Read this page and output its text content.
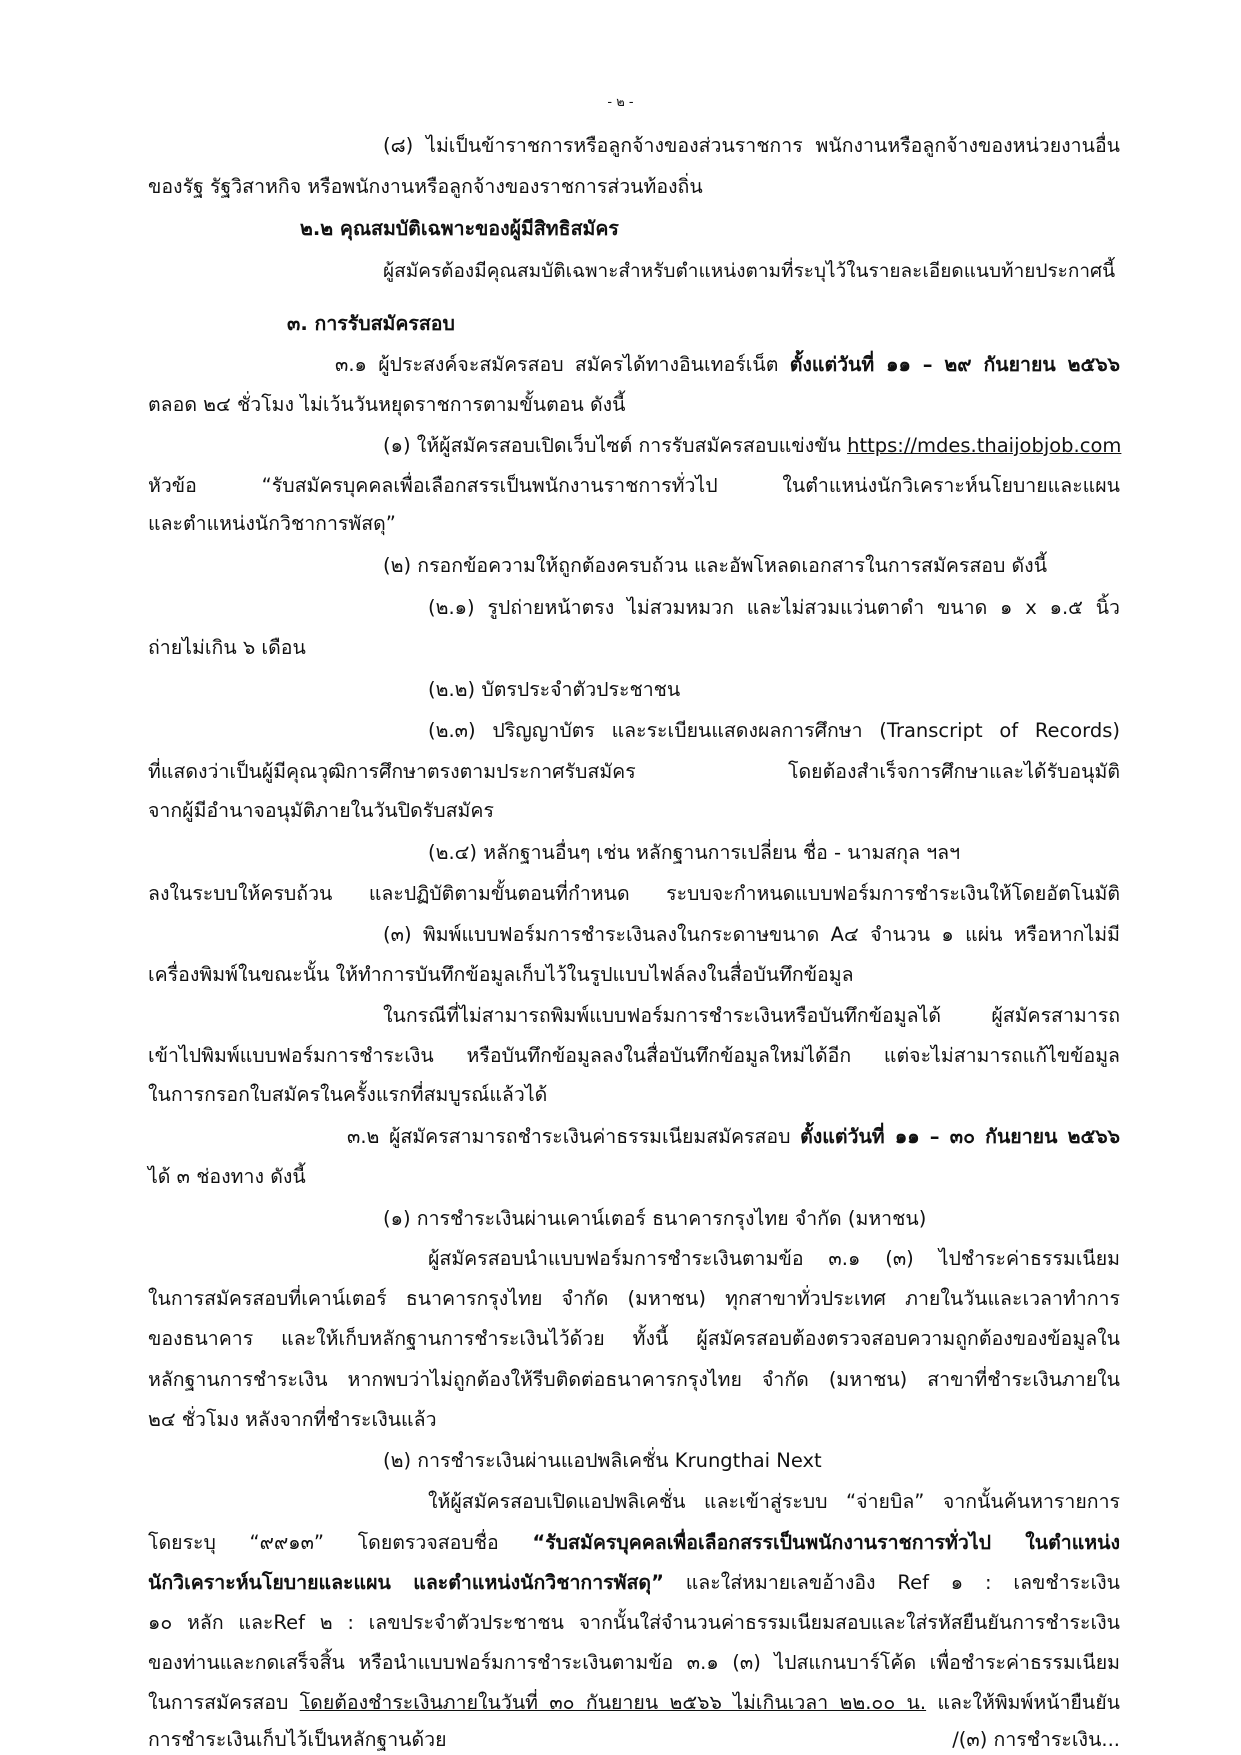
- ๒ -
(๘) ไม่เป็นข้าราชการหรือลูกจ้างของส่วนราชการ พนักงานหรือลูกจ้างของหน่วยงานอื่น
ของรัฐ รัฐวิสาหกิจ หรือพนักงานหรือลูกจ้างของราชการส่วนท้องถิ่น
๒.๒ คุณสมบัติเฉพาะของผู้มีสิทธิสมัคร
ผู้สมัครต้องมีคุณสมบัติเฉพาะสำหรับตำแหน่งตามที่ระบุไว้ในรายละเอียดแนบท้ายประกาศนี้
๓. การรับสมัครสอบ
๓.๑ ผู้ประสงค์จะสมัครสอบ สมัครได้ทางอินเทอร์เน็ต ตั้งแต่วันที่ ๑๑ – ๒๙ กันยายน ๒๕๖๖
ตลอด ๒๔ ชั่วโมง ไม่เว้นวันหยุดราชการตามขั้นตอน ดังนี้
(๑) ให้ผู้สมัครสอบเปิดเว็บไซต์ การรับสมัครสอบแข่งขัน https://mdes.thaijobjob.com
หัวข้อ “รับสมัครบุคคลเพื่อเลือกสรรเป็นพนักงานราชการทั่วไป ในตำแหน่งนักวิเคราะห์นโยบายและแผน
และตำแหน่งนักวิชาการพัสดุ”
(๒) กรอกข้อความให้ถูกต้องครบถ้วน และอัพโหลดเอกสารในการสมัครสอบ ดังนี้
(๒.๑) รูปถ่ายหน้าตรง ไม่สวมหมวก และไม่สวมแว่นตาดำ ขนาด ๑ x ๑.๕ นิ้ว
ถ่ายไม่เกิน ๖ เดือน
(๒.๒) บัตรประจำตัวประชาชน
(๒.๓) ปริญญาบัตร และระเบียนแสดงผลการศึกษา (Transcript of Records)
ที่แสดงว่าเป็นผู้มีคุณวุฒิการศึกษาตรงตามประกาศรับสมัคร โดยต้องสำเร็จการศึกษาและได้รับอนุมัติ
จากผู้มีอำนาจอนุมัติภายในวันปิดรับสมัคร
(๒.๔) หลักฐานอื่นๆ เช่น หลักฐานการเปลี่ยน ชื่อ - นามสกุล ฯลฯ
ลงในระบบให้ครบถ้วน และปฏิบัติตามขั้นตอนที่กำหนด ระบบจะกำหนดแบบฟอร์มการชำระเงินให้โดยอัตโนมัติ
(๓) พิมพ์แบบฟอร์มการชำระเงินลงในกระดาษขนาด A๔ จำนวน ๑ แผ่น หรือหากไม่มี
เครื่องพิมพ์ในขณะนั้น ให้ทำการบันทึกข้อมูลเก็บไว้ในรูปแบบไฟล์ลงในสื่อบันทึกข้อมูล
ในกรณีที่ไม่สามารถพิมพ์แบบฟอร์มการชำระเงินหรือบันทึกข้อมูลได้ ผู้สมัครสามารถ
เข้าไปพิมพ์แบบฟอร์มการชำระเงิน หรือบันทึกข้อมูลลงในสื่อบันทึกข้อมูลใหม่ได้อีก แต่จะไม่สามารถแก้ไขข้อมูล
ในการกรอกใบสมัครในครั้งแรกที่สมบูรณ์แล้วได้
๓.๒ ผู้สมัครสามารถชำระเงินค่าธรรมเนียมสมัครสอบ ตั้งแต่วันที่ ๑๑ – ๓๐ กันยายน ๒๕๖๖
ได้ ๓ ช่องทาง ดังนี้
(๑) การชำระเงินผ่านเคาน์เตอร์ ธนาคารกรุงไทย จำกัด (มหาชน)
ผู้สมัครสอบนำแบบฟอร์มการชำระเงินตามข้อ ๓.๑ (๓) ไปชำระค่าธรรมเนียม
ในการสมัครสอบที่เคาน์เตอร์ ธนาคารกรุงไทย จำกัด (มหาชน) ทุกสาขาทั่วประเทศ ภายในวันและเวลาทำการ
ของธนาคาร และให้เก็บหลักฐานการชำระเงินไว้ด้วย ทั้งนี้ ผู้สมัครสอบต้องตรวจสอบความถูกต้องของข้อมูลใน
หลักฐานการชำระเงิน หากพบว่าไม่ถูกต้องให้รีบติดต่อธนาคารกรุงไทย จำกัด (มหาชน) สาขาที่ชำระเงินภายใน
๒๔ ชั่วโมง หลังจากที่ชำระเงินแล้ว
(๒) การชำระเงินผ่านแอปพลิเคชั่น Krungthai Next
ให้ผู้สมัครสอบเปิดแอปพลิเคชั่น และเข้าสู่ระบบ “จ่ายบิล” จากนั้นค้นหารายการ
โดยระบุ “๙๙๑๓” โดยตรวจสอบชื่อ “รับสมัครบุคคลเพื่อเลือกสรรเป็นพนักงานราชการทั่วไป ในตำแหน่ง
นักวิเคราะห์นโยบายและแผน และตำแหน่งนักวิชาการพัสดุ” และใส่หมายเลขอ้างอิง Ref ๑ : เลขชำระเงิน
๑๐ หลัก และRef ๒ : เลขประจำตัวประชาชน จากนั้นใส่จำนวนค่าธรรมเนียมสอบและใส่รหัสยืนยันการชำระเงิน
ของท่านและกดเสร็จสิ้น หรือนำแบบฟอร์มการชำระเงินตามข้อ ๓.๑ (๓) ไปสแกนบาร์โค้ด เพื่อชำระค่าธรรมเนียม
ในการสมัครสอบ โดยต้องชำระเงินภายในวันที่ ๓๐ กันยายน ๒๕๖๖ ไม่เกินเวลา ๒๒.๐๐ น. และให้พิมพ์หน้ายืนยัน
การชำระเงินเก็บไว้เป็นหลักฐานด้วย	/(๓) การชำระเงิน...
